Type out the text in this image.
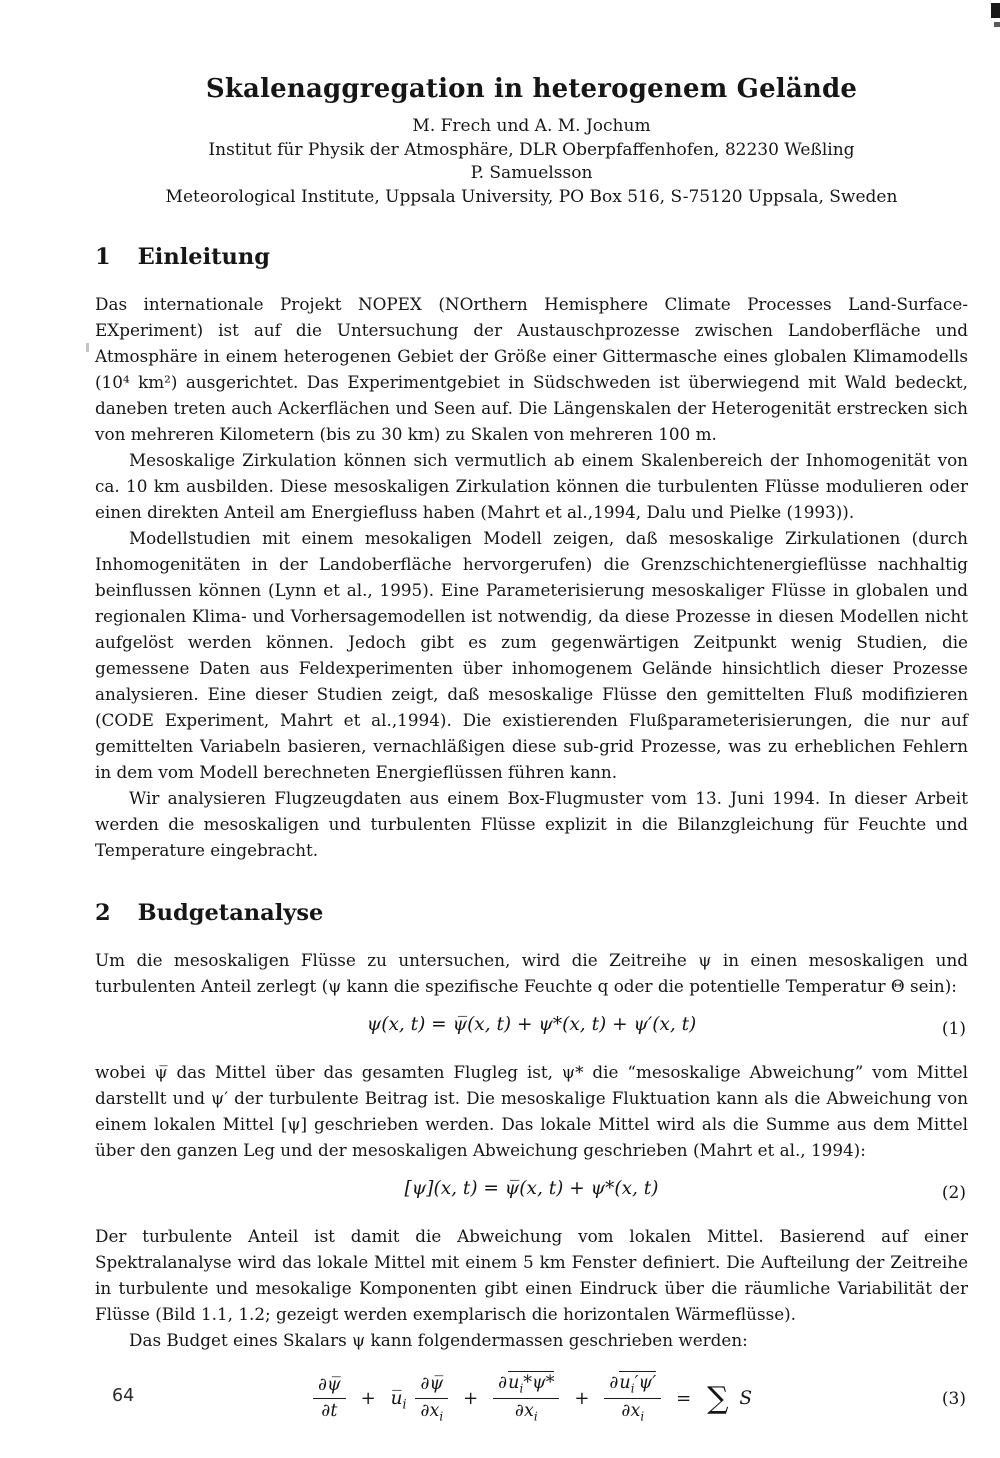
Skalenaggregation in heterogenem Gelände
M. Frech und A. M. Jochum
Institut für Physik der Atmosphäre, DLR Oberpfaffenhofen, 82230 Weßling
P. Samuelsson
Meteorological Institute, Uppsala University, PO Box 516, S-75120 Uppsala, Sweden
1 Einleitung

Das internationale Projekt NOPEX (NOrthern Hemisphere Climate Processes Land-Surface-EXperiment) ist auf die Untersuchung der Austauschprozesse zwischen Landoberfläche und Atmosphäre in einem heterogenen Gebiet der Größe einer Gittermasche eines globalen Klimamodells (10⁴ km²) ausgerichtet. Das Experimentgebiet in Südschweden ist überwiegend mit Wald bedeckt, daneben treten auch Ackerflächen und Seen auf. Die Längenskalen der Heterogenität erstrecken sich von mehreren Kilometern (bis zu 30 km) zu Skalen von mehreren 100 m.

Mesoskalige Zirkulation können sich vermutlich ab einem Skalenbereich der Inhomogenität von ca. 10 km ausbilden. Diese mesoskaligen Zirkulation können die turbulenten Flüsse modulieren oder einen direkten Anteil am Energiefluss haben (Mahrt et al.,1994, Dalu und Pielke (1993)).

Modellstudien mit einem mesokaligen Modell zeigen, daß mesoskalige Zirkulationen (durch Inhomogenitäten in der Landoberfläche hervorgerufen) die Grenzschichtenergieflüsse nachhaltig beinflussen können (Lynn et al., 1995). Eine Parameterisierung mesoskaliger Flüsse in globalen und regionalen Klima- und Vorhersagemodellen ist notwendig, da diese Prozesse in diesen Modellen nicht aufgelöst werden können. Jedoch gibt es zum gegenwärtigen Zeitpunkt wenig Studien, die gemessene Daten aus Feldexperimenten über inhomogenem Gelände hinsichtlich dieser Prozesse analysieren. Eine dieser Studien zeigt, daß mesoskalige Flüsse den gemittelten Fluß modifizieren (CODE Experiment, Mahrt et al.,1994). Die existierenden Flußparameterisierungen, die nur auf gemittelten Variabeln basieren, vernachläßigen diese sub-grid Prozesse, was zu erheblichen Fehlern in dem vom Modell berechneten Energieflüssen führen kann.

Wir analysieren Flugzeugdaten aus einem Box-Flugmuster vom 13. Juni 1994. In dieser Arbeit werden die mesoskaligen und turbulenten Flüsse explizit in die Bilanzgleichung für Feuchte und Temperature eingebracht.

2 Budgetanalyse

Um die mesoskaligen Flüsse zu untersuchen, wird die Zeitreihe ψ in einen mesoskaligen und turbulenten Anteil zerlegt (ψ kann die spezifische Feuchte q oder die potentielle Temperatur Θ sein):

ψ(x, t) = ψ̅(x, t) + ψ*(x, t) + ψ′(x, t)	(1)

wobei ψ̅ das Mittel über das gesamten Flugleg ist, ψ* die “mesoskalige Abweichung” vom Mittel darstellt und ψ′ der turbulente Beitrag ist. Die mesoskalige Fluktuation kann als die Abweichung von einem lokalen Mittel [ψ] geschrieben werden. Das lokale Mittel wird als die Summe aus dem Mittel über den ganzen Leg und der mesoskaligen Abweichung geschrieben (Mahrt et al., 1994):

[ψ](x, t) = ψ̅(x, t) + ψ*(x, t)	(2)

Der turbulente Anteil ist damit die Abweichung vom lokalen Mittel. Basierend auf einer Spektralanalyse wird das lokale Mittel mit einem 5 km Fenster definiert. Die Aufteilung der Zeitreihe in turbulente und mesokalige Komponenten gibt einen Eindruck über die räumliche Variabilität der Flüsse (Bild 1.1, 1.2; gezeigt werden exemplarisch die horizontalen Wärmeflüsse).

Das Budget eines Skalars ψ kann folgendermassen geschrieben werden:

$\frac{\partial\psi̅}{\partial t}$ + $u̅_i \frac{\partial\psi̅}{\partial x_i} + \frac{\partial u_i*\psi*}{\partial x_i} + \frac{\partial u_i'\psi'}{\partial x_i}$ = ∑ S	(3)
64
